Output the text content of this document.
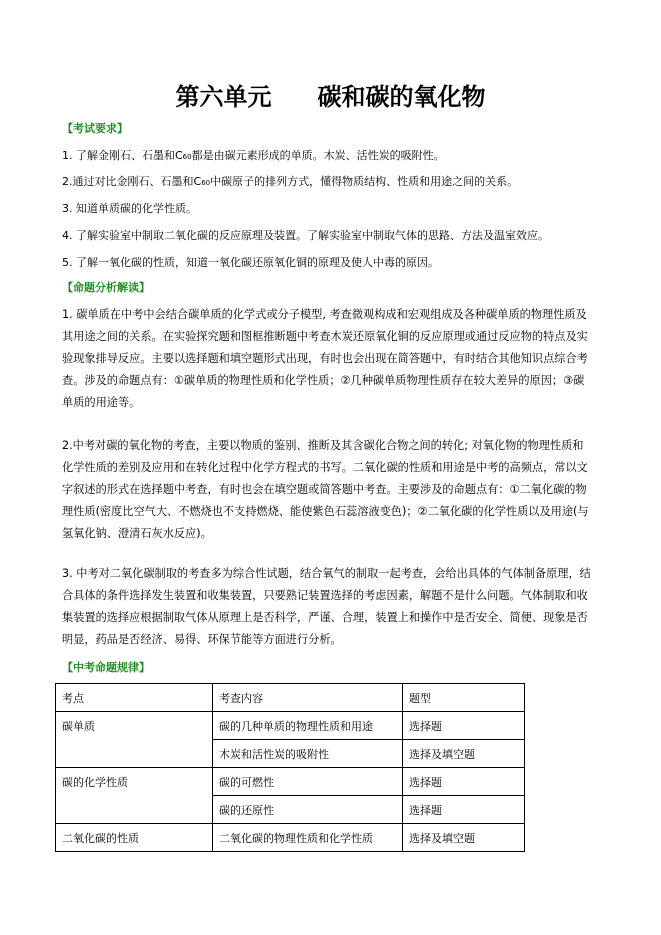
第六单元 碳和碳的氧化物
【考试要求】
1. 了解金刚石、石墨和C60都是由碳元素形成的单质。木炭、活性炭的吸附性。
2.通过对比金刚石、石墨和C60中碳原子的排列方式，懂得物质结构、性质和用途之间的关系。
3. 知道单质碳的化学性质。
4. 了解实验室中制取二氧化碳的反应原理及装置。了解实验室中制取气体的思路、方法及温室效应。
5. 了解一氧化碳的性质，知道一氧化碳还原氧化铜的原理及使人中毒的原因。
【命题分析解读】
1. 碳单质在中考中会结合碳单质的化学式或分子模型, 考查微观构成和宏观组成及各种碳单质的物理性质及
其用途之间的关系。在实验探究题和图框推断题中考查木炭还原氧化铜的反应原理或通过反应物的特点及实
验现象排导反应。主要以选择题和填空题形式出现，有时也会出现在简答题中，有时结合其他知识点综合考
查。涉及的命题点有：①碳单质的物理性质和化学性质；②几种碳单质物理性质存在较大差异的原因；③碳
单质的用途等。
2.中考对碳的氧化物的考查，主要以物质的鉴别、推断及其含碳化合物之间的转化; 对氧化物的物理性质和
化学性质的差别及应用和在转化过程中化学方程式的书写。二氧化碳的性质和用途是中考的高频点，常以文
字叙述的形式在选择题中考查，有时也会在填空题或简答题中考查。主要涉及的命题点有：①二氧化碳的物
理性质(密度比空气大、不燃烧也不支持燃烧、能使紫色石蕊溶液变色)；②二氧化碳的化学性质以及用途(与
氢氧化钠、澄清石灰水反应)。
3. 中考对二氧化碳制取的考查多为综合性试题，结合氧气的制取一起考查，会给出具体的气体制备原理，结
合具体的条件选择发生装置和收集装置，只要熟记装置选择的考虑因素，解题不是什么问题。气体制取和收
集装置的选择应根据制取气体从原理上是否科学，严谨、合理，装置上和操作中是否安全、简便、现象是否
明显，药品是否经济、易得、环保节能等方面进行分析。
【中考命题规律】
考点	考查内容	题型
碳单质	碳的几种单质的物理性质和用途	选择题
	木炭和活性炭的吸附性	选择及填空题
碳的化学性质	碳的可燃性	选择题
	碳的还原性	选择题
二氧化碳的性质	二氧化碳的物理性质和化学性质	选择及填空题
